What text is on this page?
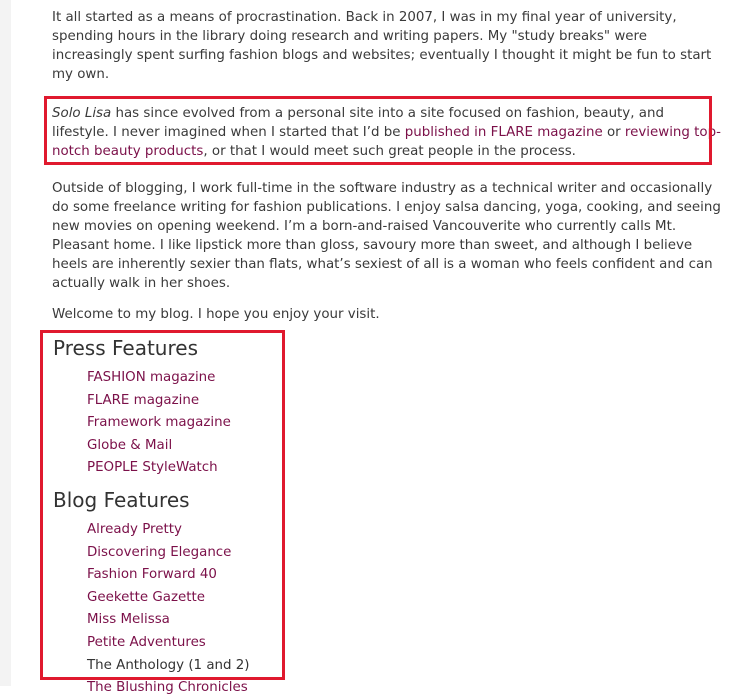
It all started as a means of procrastination. Back in 2007, I was in my final year of university, spending hours in the library doing research and writing papers. My "study breaks" were increasingly spent surfing fashion blogs and websites; eventually I thought it might be fun to start my own.

Solo Lisa has since evolved from a personal site into a site focused on fashion, beauty, and lifestyle. I never imagined when I started that I’d be published in FLARE magazine or reviewing top-notch beauty products, or that I would meet such great people in the process.

Outside of blogging, I work full-time in the software industry as a technical writer and occasionally do some freelance writing for fashion publications. I enjoy salsa dancing, yoga, cooking, and seeing new movies on opening weekend. I’m a born-and-raised Vancouverite who currently calls Mt. Pleasant home. I like lipstick more than gloss, savoury more than sweet, and although I believe heels are inherently sexier than flats, what’s sexiest of all is a woman who feels confident and can actually walk in her shoes.

Welcome to my blog. I hope you enjoy your visit.

Press Features
FASHION magazine
FLARE magazine
Framework magazine
Globe & Mail
PEOPLE StyleWatch
Blog Features
Already Pretty
Discovering Elegance
Fashion Forward 40
Geekette Gazette
Miss Melissa
Petite Adventures
The Anthology (1 and 2)
The Blushing Chronicles
